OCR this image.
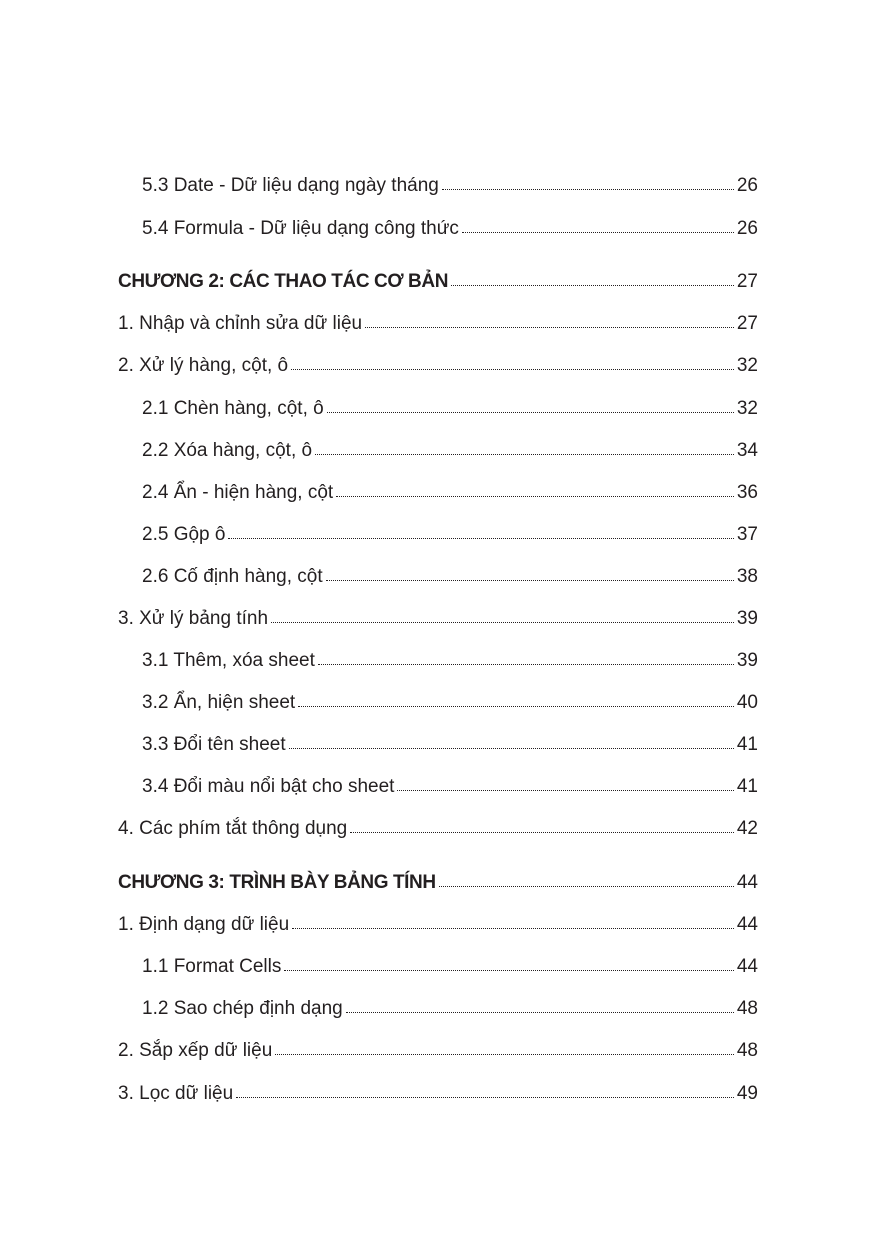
5.3 Date - Dữ liệu dạng ngày tháng	26
5.4 Formula - Dữ liệu dạng công thức	26
CHƯƠNG 2: CÁC THAO TÁC CƠ BẢN	27
1. Nhập và chỉnh sửa dữ liệu	27
2. Xử lý hàng, cột, ô	32
2.1 Chèn hàng, cột, ô	32
2.2 Xóa hàng, cột, ô	34
2.4 Ẩn - hiện hàng, cột	36
2.5 Gộp ô	37
2.6 Cố định hàng, cột	38
3. Xử lý bảng tính	39
3.1 Thêm, xóa sheet	39
3.2 Ẩn, hiện sheet	40
3.3 Đổi tên sheet	41
3.4 Đổi màu nổi bật cho sheet	41
4. Các phím tắt thông dụng	42
CHƯƠNG 3: TRÌNH BÀY BẢNG TÍNH	44
1. Định dạng dữ liệu	44
1.1 Format Cells	44
1.2 Sao chép định dạng	48
2. Sắp xếp dữ liệu	48
3. Lọc dữ liệu	49
